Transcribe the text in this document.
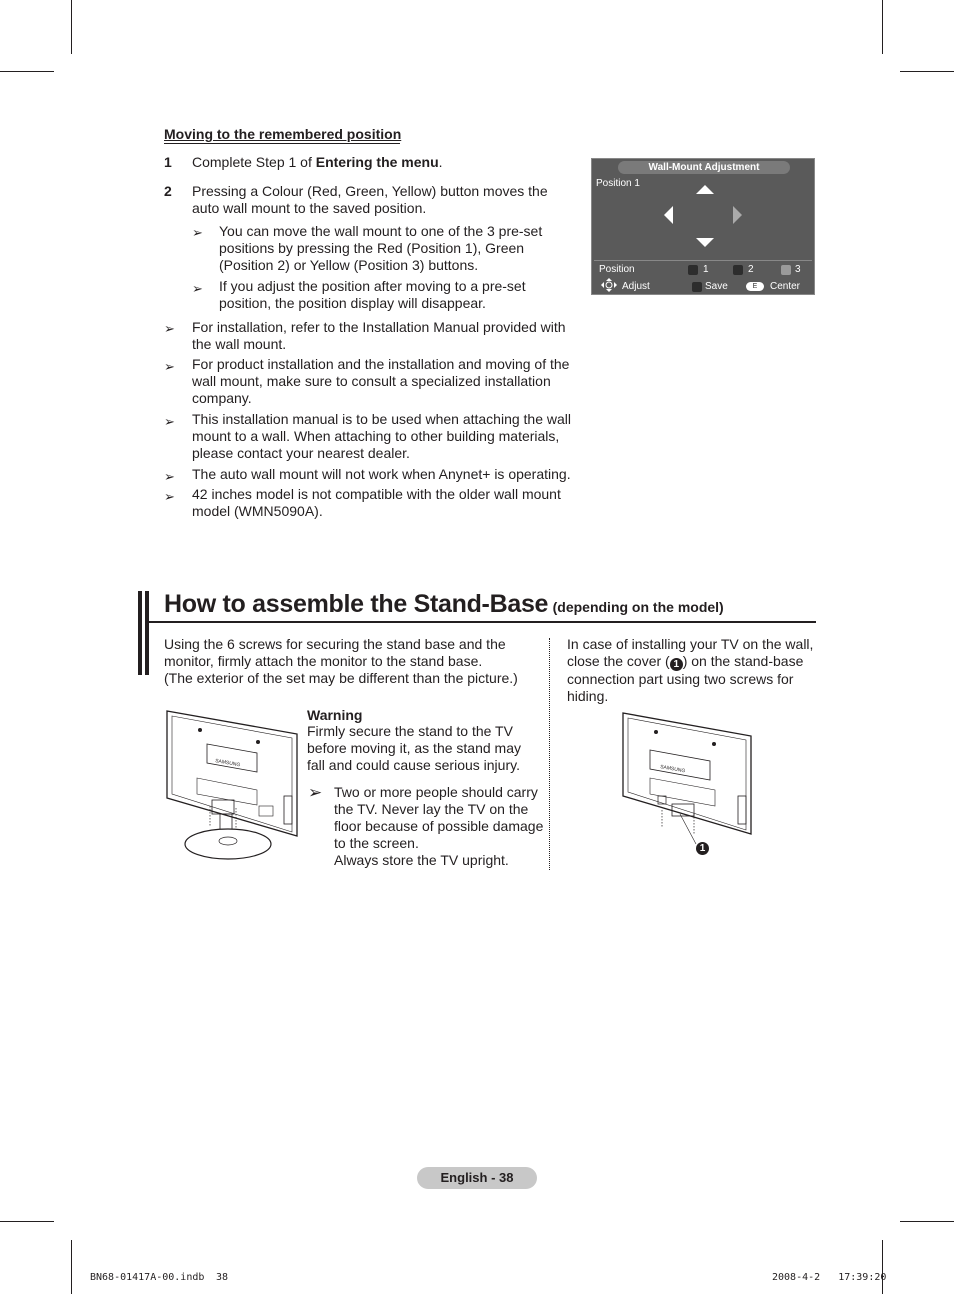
Moving to the remembered position
1 Complete Step 1 of Entering the menu.
2 Pressing a Colour (Red, Green, Yellow) button moves the auto wall mount to the saved position.
➢ You can move the wall mount to one of the 3 pre-set positions by pressing the Red (Position 1), Green (Position 2) or Yellow (Position 3) buttons.
➢ If you adjust the position after moving to a pre-set position, the position display will disappear.
➢ For installation, refer to the Installation Manual provided with the wall mount.
➢ For product installation and the installation and moving of the wall mount, make sure to consult a specialized installation company.
➢ This installation manual is to be used when attaching the wall mount to a wall. When attaching to other building materials, please contact your nearest dealer.
➢ The auto wall mount will not work when Anynet+ is operating.
➢ 42 inches model is not compatible with the older wall mount model (WMN5090A).
Wall-Mount Adjustment
Position 1
Position	1	2	3
Adjust	Save	E	Center
How to assemble the Stand-Base (depending on the model)
Using the 6 screws for securing the stand base and the
monitor, firmly attach the monitor to the stand base.
(The exterior of the set may be different than the picture.)
SAMSUNG
Warning
Firmly secure the stand to the TV before moving it, as the stand may fall and could cause serious injury.
➢ Two or more people should carry the TV. Never lay the TV on the floor because of possible damage to the screen.
Always store the TV upright.
In case of installing your TV on the wall, close the cover ( 1 ) on the stand-base connection part using two screws for hiding.
SAMSUNG
1
English - 38
BN68-01417A-00.indb 38	2008-4-2   17:39:20
